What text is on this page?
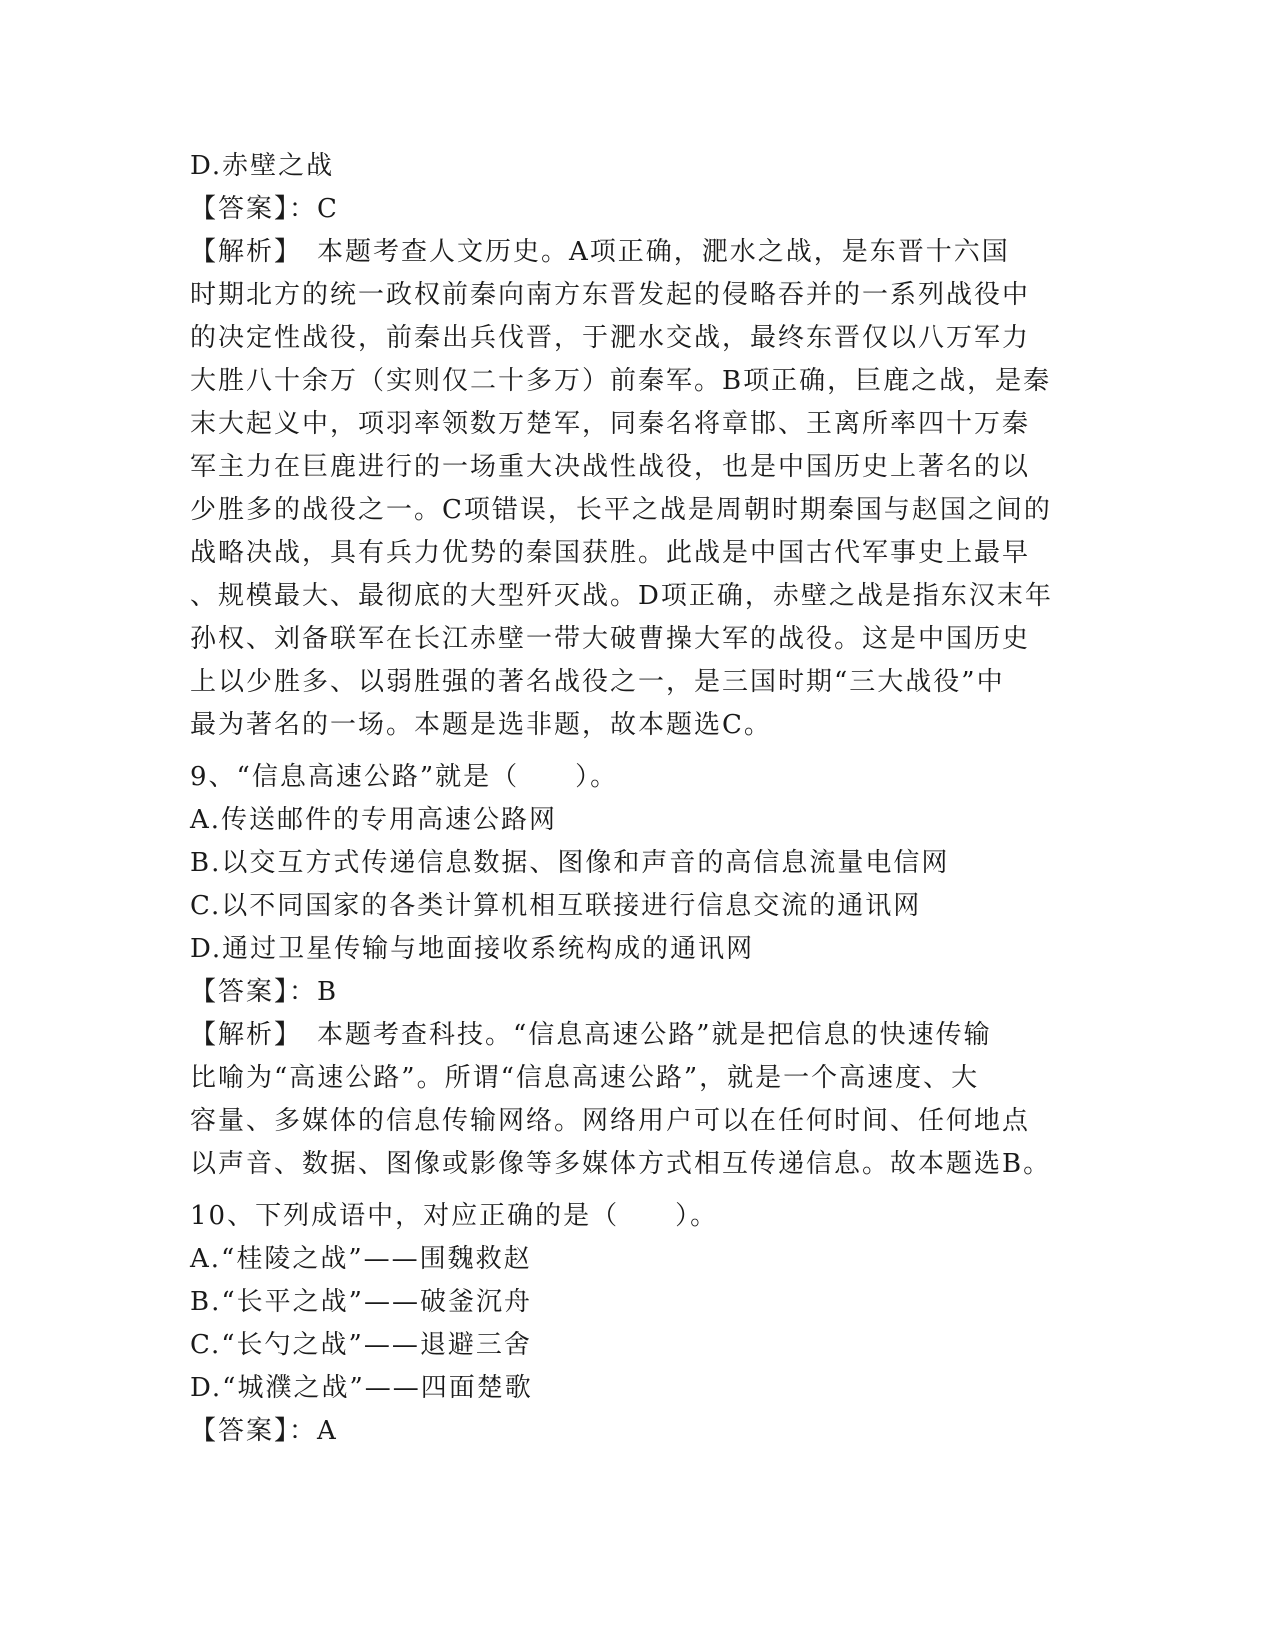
D.赤壁之战
【答案】：C
【解析】　本题考查人文历史。A项正确，淝水之战，是东晋十六国
时期北方的统一政权前秦向南方东晋发起的侵略吞并的一系列战役中
的决定性战役，前秦出兵伐晋，于淝水交战，最终东晋仅以八万军力
大胜八十余万（实则仅二十多万）前秦军。B项正确，巨鹿之战，是秦
末大起义中，项羽率领数万楚军，同秦名将章邯、王离所率四十万秦
军主力在巨鹿进行的一场重大决战性战役，也是中国历史上著名的以
少胜多的战役之一。C项错误，长平之战是周朝时期秦国与赵国之间的
战略决战，具有兵力优势的秦国获胜。此战是中国古代军事史上最早
、规模最大、最彻底的大型歼灭战。D项正确，赤壁之战是指东汉末年
孙权、刘备联军在长江赤壁一带大破曹操大军的战役。这是中国历史
上以少胜多、以弱胜强的著名战役之一，是三国时期“三大战役”中
最为著名的一场。本题是选非题，故本题选C。
9、“信息高速公路”就是（　　）。
A.传送邮件的专用高速公路网
B.以交互方式传递信息数据、图像和声音的高信息流量电信网
C.以不同国家的各类计算机相互联接进行信息交流的通讯网
D.通过卫星传输与地面接收系统构成的通讯网
【答案】：B
【解析】　本题考查科技。“信息高速公路”就是把信息的快速传输
比喻为“高速公路”。所谓“信息高速公路”，就是一个高速度、大
容量、多媒体的信息传输网络。网络用户可以在任何时间、任何地点
以声音、数据、图像或影像等多媒体方式相互传递信息。故本题选B。
10、下列成语中，对应正确的是（　　）。
A.“桂陵之战”——围魏救赵
B.“长平之战”——破釜沉舟
C.“长勺之战”——退避三舍
D.“城濮之战”——四面楚歌
【答案】：A
